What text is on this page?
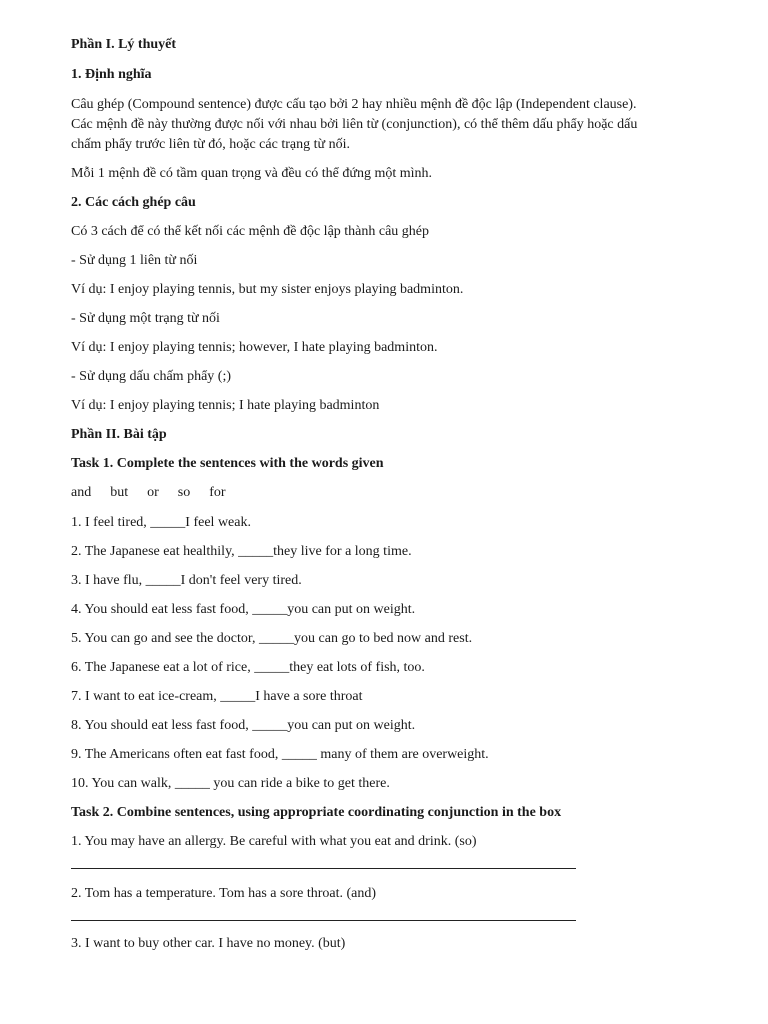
Phần I. Lý thuyết

1. Định nghĩa

Câu ghép (Compound sentence) được cấu tạo bởi 2 hay nhiều mệnh đề độc lập (Independent clause).

Các mệnh đề này thường được nối với nhau bởi liên từ (conjunction), có thể thêm dấu phẩy hoặc dấu

chấm phẩy trước liên từ đó, hoặc các trạng từ nối.

Mỗi 1 mệnh đề có tầm quan trọng và đều có thể đứng một mình.

2. Các cách ghép câu

Có 3 cách để có thể kết nối các mệnh đề độc lập thành câu ghép

- Sử dụng 1 liên từ nối

Ví dụ: I enjoy playing tennis, but my sister enjoys playing badminton.

- Sử dụng một trạng từ nối

Ví dụ: I enjoy playing tennis; however, I hate playing badminton.

- Sử dụng dấu chấm phẩy (;)

Ví dụ: I enjoy playing tennis; I hate playing badminton

Phần II. Bài tập

Task 1. Complete the sentences with the words given

and but or so for

1. I feel tired, _____I feel weak.

2. The Japanese eat healthily, _____they live for a long time.

3. I have flu, _____I don't feel very tired.

4. You should eat less fast food, _____you can put on weight.

5. You can go and see the doctor, _____you can go to bed now and rest.

6. The Japanese eat a lot of rice, _____they eat lots of fish, too.

7. I want to eat ice-cream, _____I have a sore throat

8. You should eat less fast food, _____you can put on weight.

9. The Americans often eat fast food, _____ many of them are overweight.

10. You can walk, _____ you can ride a bike to get there.

Task 2. Combine sentences, using appropriate coordinating conjunction in the box

1. You may have an allergy. Be careful with what you eat and drink. (so)

2. Tom has a temperature. Tom has a sore throat. (and)

3. I want to buy other car. I have no money. (but)
